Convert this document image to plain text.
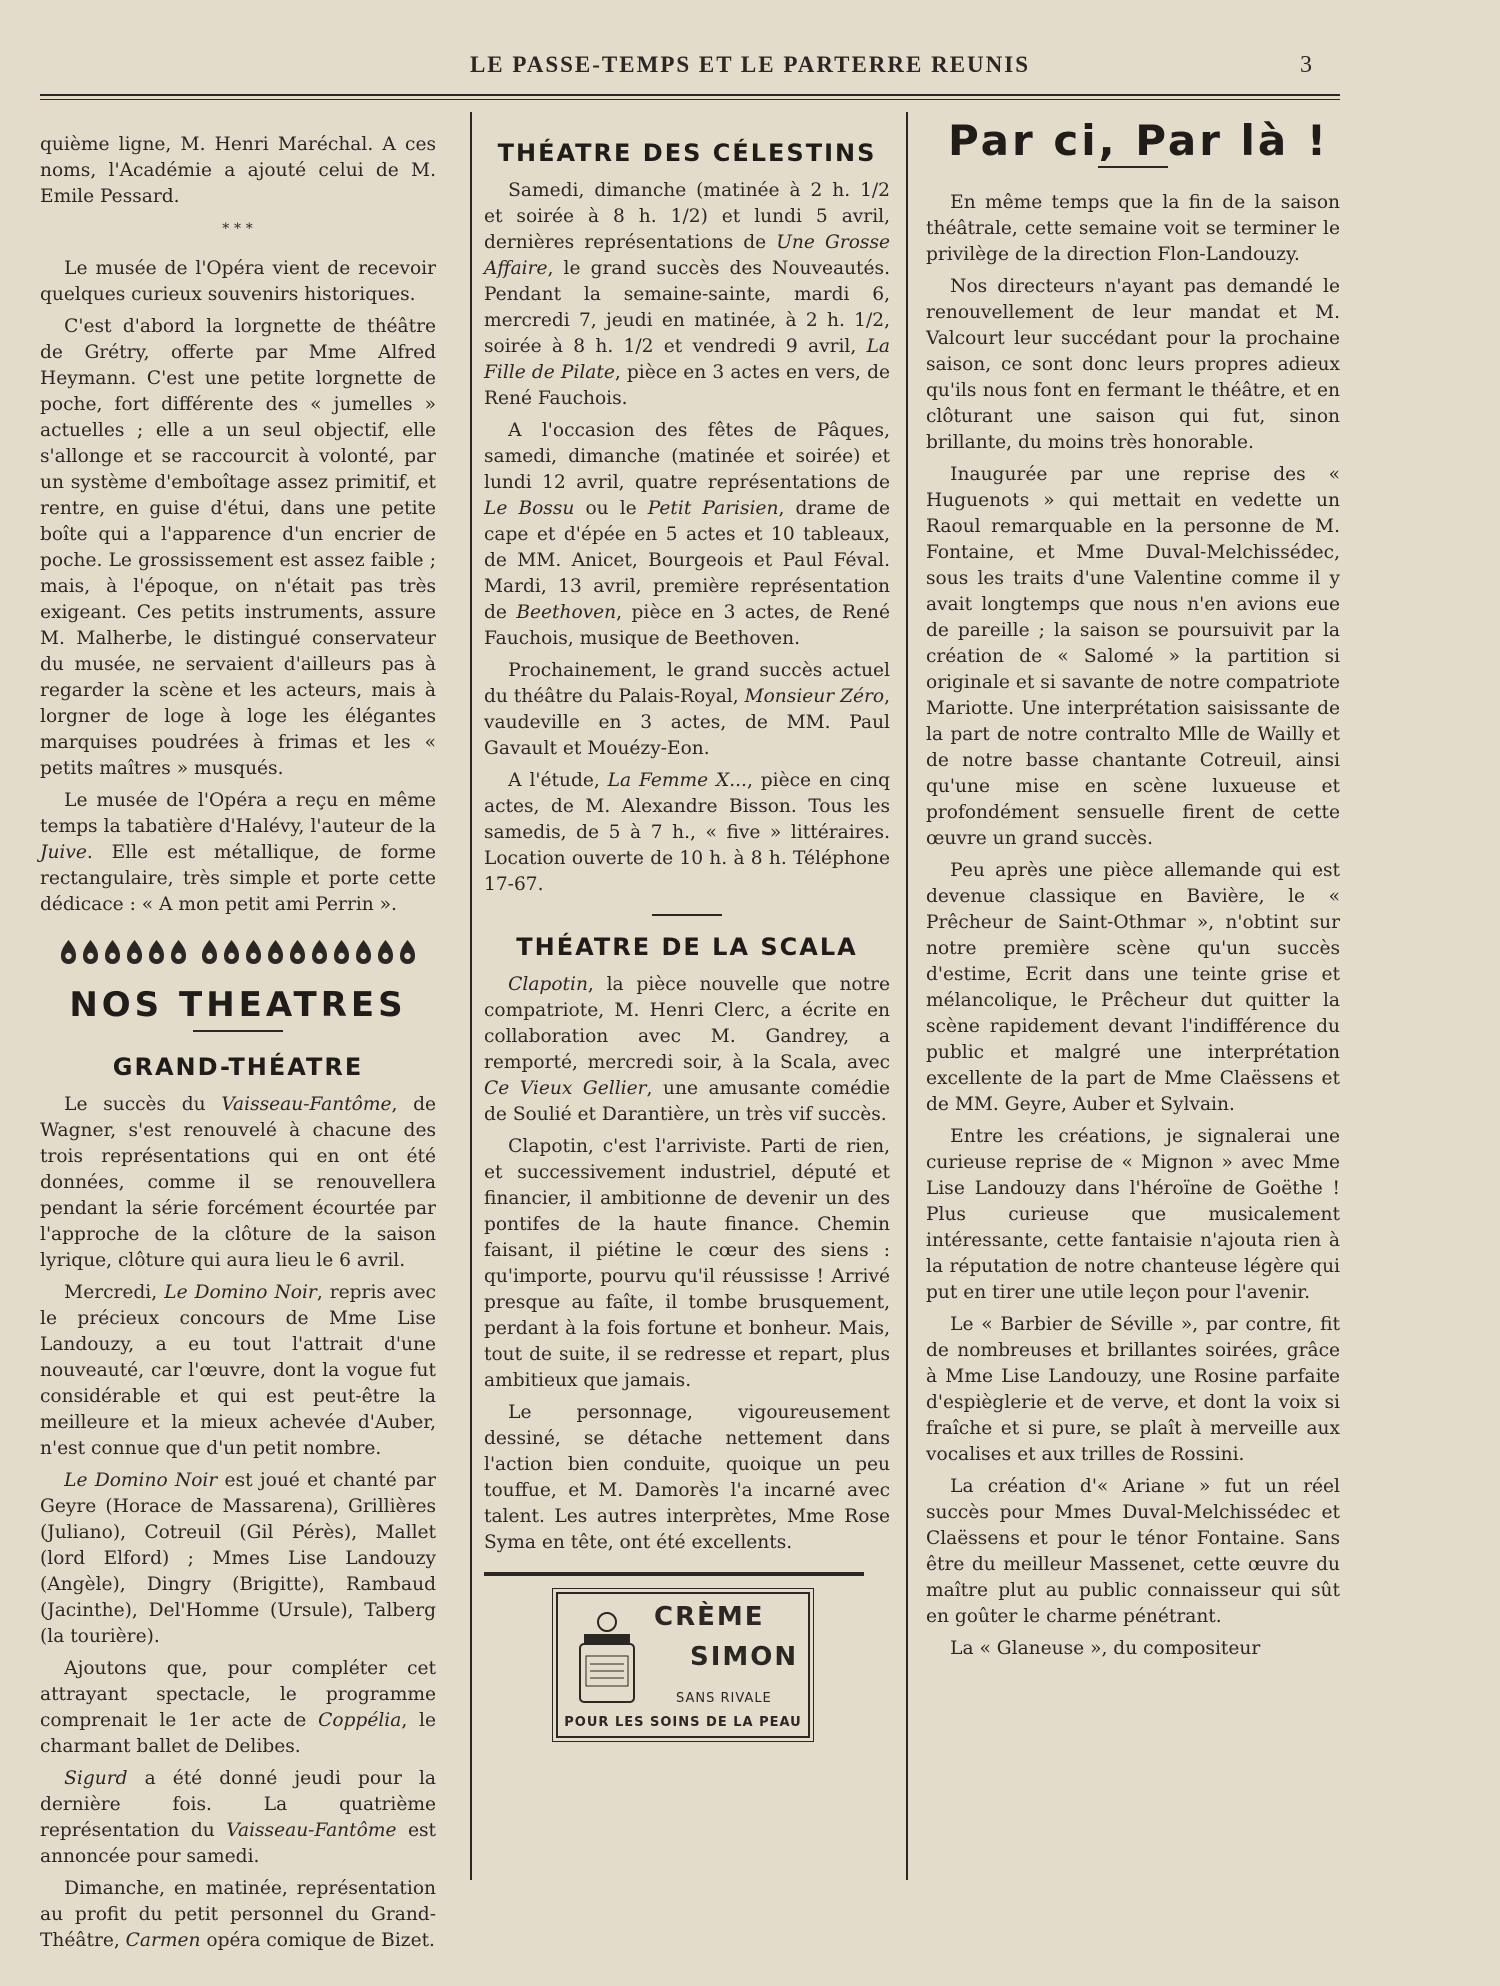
LE PASSE-TEMPS ET LE PARTERRE REUNIS	3

quième ligne, M. Henri Maréchal. A ces noms, l'Académie a ajouté celui de M. Emile Pessard.

* * *

Le musée de l'Opéra vient de recevoir quelques curieux souvenirs historiques.

C'est d'abord la lorgnette de théâtre de Grétry, offerte par Mme Alfred Heymann. C'est une petite lorgnette de poche, fort différente des « jumelles » actuelles ; elle a un seul objectif, elle s'allonge et se raccourcit à volonté, par un système d'emboîtage assez primitif, et rentre, en guise d'étui, dans une petite boîte qui a l'apparence d'un encrier de poche. Le grossissement est assez faible ; mais, à l'époque, on n'était pas très exigeant. Ces petits instruments, assure M. Malherbe, le distingué conservateur du musée, ne servaient d'ailleurs pas à regarder la scène et les acteurs, mais à lorgner de loge à loge les élégantes marquises poudrées à frimas et les « petits maîtres » musqués.

Le musée de l'Opéra a reçu en même temps la tabatière d'Halévy, l'auteur de la Juive. Elle est métallique, de forme rectangulaire, très simple et porte cette dédicace : « A mon petit ami Perrin ».

NOS THEATRES
GRAND-THÉATRE

Le succès du Vaisseau-Fantôme, de Wagner, s'est renouvelé à chacune des trois représentations qui en ont été données, comme il se renouvellera pendant la série forcément écourtée par l'approche de la clôture de la saison lyrique, clôture qui aura lieu le 6 avril.

Mercredi, Le Domino Noir, repris avec le précieux concours de Mme Lise Landouzy, a eu tout l'attrait d'une nouveauté, car l'œuvre, dont la vogue fut considérable et qui est peut-être la meilleure et la mieux achevée d'Auber, n'est connue que d'un petit nombre.

Le Domino Noir est joué et chanté par Geyre (Horace de Massarena), Grillières (Juliano), Cotreuil (Gil Pérès), Mallet (lord Elford) ; Mmes Lise Landouzy (Angèle), Dingry (Brigitte), Rambaud (Jacinthe), Del'Homme (Ursule), Talberg (la tourière).

Ajoutons que, pour compléter cet attrayant spectacle, le programme comprenait le 1er acte de Coppélia, le charmant ballet de Delibes.

Sigurd a été donné jeudi pour la dernière fois. La quatrième représentation du Vaisseau-Fantôme est annoncée pour samedi.

Dimanche, en matinée, représentation au profit du petit personnel du Grand-Théâtre, Carmen opéra comique de Bizet.

THÉATRE DES CÉLESTINS

Samedi, dimanche (matinée à 2 h. 1/2 et soirée à 8 h. 1/2) et lundi 5 avril, dernières représentations de Une Grosse Affaire, le grand succès des Nouveautés. Pendant la semaine-sainte, mardi 6, mercredi 7, jeudi en matinée, à 2 h. 1/2, soirée à 8 h. 1/2 et vendredi 9 avril, La Fille de Pilate, pièce en 3 actes en vers, de René Fauchois.

A l'occasion des fêtes de Pâques, samedi, dimanche (matinée et soirée) et lundi 12 avril, quatre représentations de Le Bossu ou le Petit Parisien, drame de cape et d'épée en 5 actes et 10 tableaux, de MM. Anicet, Bourgeois et Paul Féval. Mardi, 13 avril, première représentation de Beethoven, pièce en 3 actes, de René Fauchois, musique de Beethoven.

Prochainement, le grand succès actuel du théâtre du Palais-Royal, Monsieur Zéro, vaudeville en 3 actes, de MM. Paul Gavault et Mouézy-Eon.

A l'étude, La Femme X..., pièce en cinq actes, de M. Alexandre Bisson. Tous les samedis, de 5 à 7 h., « five » littéraires. Location ouverte de 10 h. à 8 h. Téléphone 17-67.

THÉATRE DE LA SCALA

Clapotin, la pièce nouvelle que notre compatriote, M. Henri Clerc, a écrite en collaboration avec M. Gandrey, a remporté, mercredi soir, à la Scala, avec Ce Vieux Gellier, une amusante comédie de Soulié et Darantière, un très vif succès.

Clapotin, c'est l'arriviste. Parti de rien, et successivement industriel, député et financier, il ambitionne de devenir un des pontifes de la haute finance. Chemin faisant, il piétine le cœur des siens : qu'importe, pourvu qu'il réussisse ! Arrivé presque au faîte, il tombe brusquement, perdant à la fois fortune et bonheur. Mais, tout de suite, il se redresse et repart, plus ambitieux que jamais.

Le personnage, vigoureusement dessiné, se détache nettement dans l'action bien conduite, quoique un peu touffue, et M. Damorès l'a incarné avec talent. Les autres interprètes, Mme Rose Syma en tête, ont été excellents.

CRÈME
SIMON
SANS RIVALE
POUR LES SOINS DE LA PEAU
Par ci, Par là !

En même temps que la fin de la saison théâtrale, cette semaine voit se terminer le privilège de la direction Flon-Landouzy.

Nos directeurs n'ayant pas demandé le renouvellement de leur mandat et M. Valcourt leur succédant pour la prochaine saison, ce sont donc leurs propres adieux qu'ils nous font en fermant le théâtre, et en clôturant une saison qui fut, sinon brillante, du moins très honorable.

Inaugurée par une reprise des « Huguenots » qui mettait en vedette un Raoul remarquable en la personne de M. Fontaine, et Mme Duval-Melchissédec, sous les traits d'une Valentine comme il y avait longtemps que nous n'en avions eue de pareille ; la saison se poursuivit par la création de « Salomé » la partition si originale et si savante de notre compatriote Mariotte. Une interprétation saisissante de la part de notre contralto Mlle de Wailly et de notre basse chantante Cotreuil, ainsi qu'une mise en scène luxueuse et profondément sensuelle firent de cette œuvre un grand succès.

Peu après une pièce allemande qui est devenue classique en Bavière, le « Prêcheur de Saint-Othmar », n'obtint sur notre première scène qu'un succès d'estime, Ecrit dans une teinte grise et mélancolique, le Prêcheur dut quitter la scène rapidement devant l'indifférence du public et malgré une interprétation excellente de la part de Mme Claëssens et de MM. Geyre, Auber et Sylvain.

Entre les créations, je signalerai une curieuse reprise de « Mignon » avec Mme Lise Landouzy dans l'héroïne de Goëthe ! Plus curieuse que musicalement intéressante, cette fantaisie n'ajouta rien à la réputation de notre chanteuse légère qui put en tirer une utile leçon pour l'avenir.

Le « Barbier de Séville », par contre, fit de nombreuses et brillantes soirées, grâce à Mme Lise Landouzy, une Rosine parfaite d'espièglerie et de verve, et dont la voix si fraîche et si pure, se plaît à merveille aux vocalises et aux trilles de Rossini.

La création d'« Ariane » fut un réel succès pour Mmes Duval-Melchissédec et Claëssens et pour le ténor Fontaine. Sans être du meilleur Massenet, cette œuvre du maître plut au public connaisseur qui sût en goûter le charme pénétrant.

La « Glaneuse », du compositeur
